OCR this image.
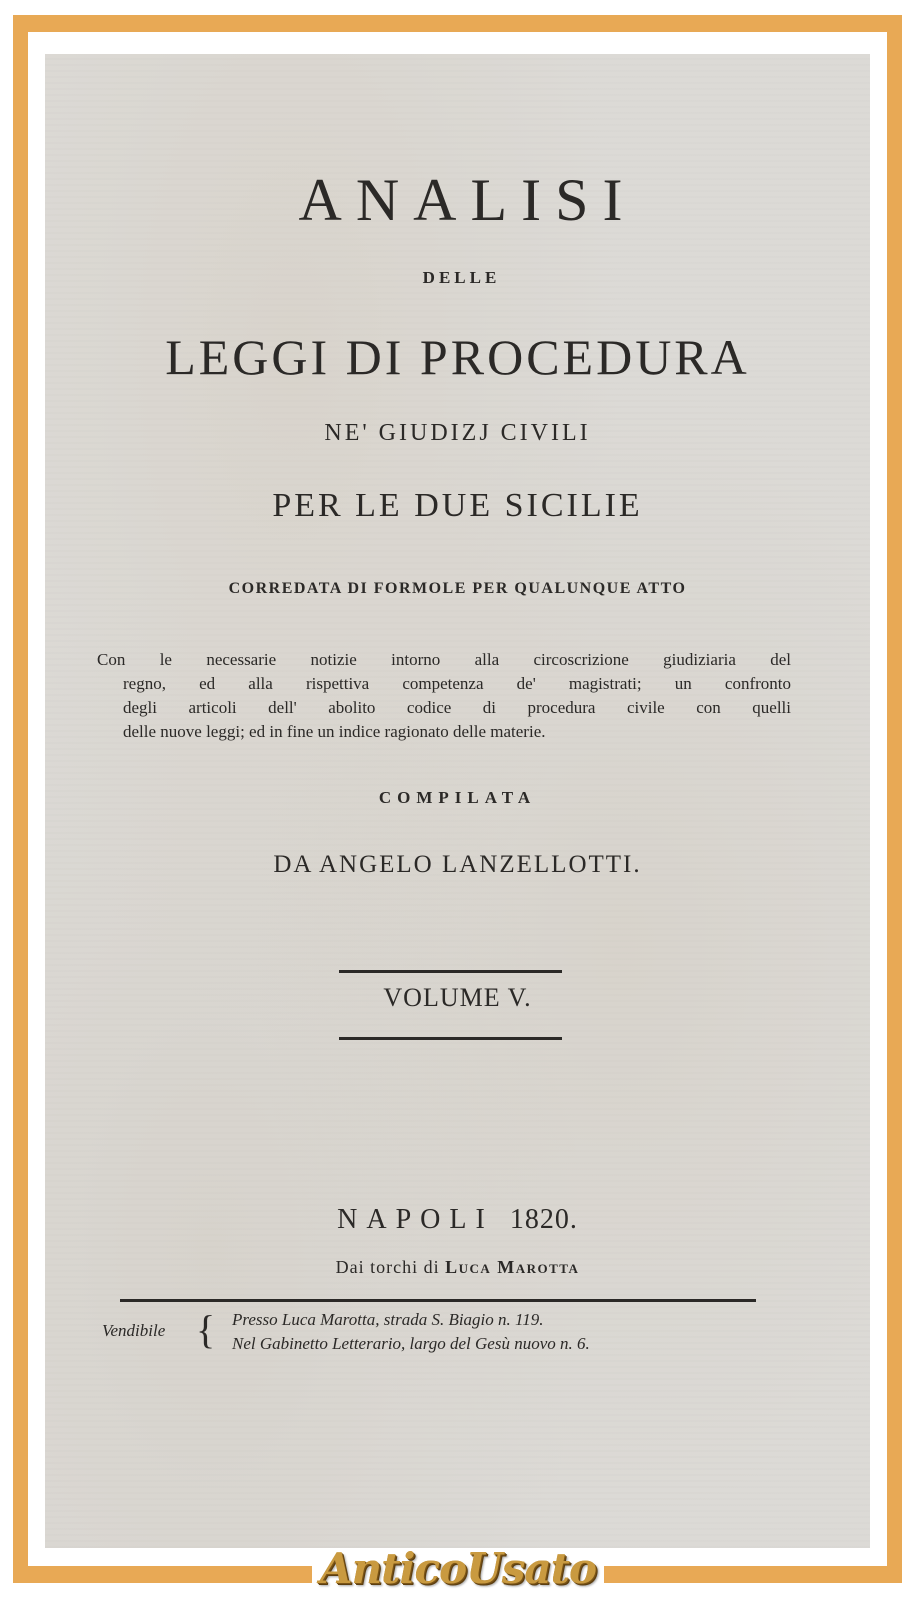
ANALISI
DELLE
LEGGI DI PROCEDURA
NE' GIUDIZJ CIVILI
PER LE DUE SICILIE
CORREDATA DI FORMOLE PER QUALUNQUE ATTO
Con le necessarie notizie intorno alla circoscrizione giudiziaria del
regno, ed alla rispettiva competenza de' magistrati; un confronto
degli articoli dell' abolito codice di procedura civile con quelli
delle nuove leggi; ed in fine un indice ragionato delle materie.
COMPILATA
DA ANGELO LANZELLOTTI.
VOLUME V.
NAPOLI 1820.
Dai torchi di Luca Marotta
Vendibile { Presso Luca Marotta, strada S. Biagio n. 119.
Nel Gabinetto Letterario, largo del Gesù nuovo n. 6.
AnticoUsato
